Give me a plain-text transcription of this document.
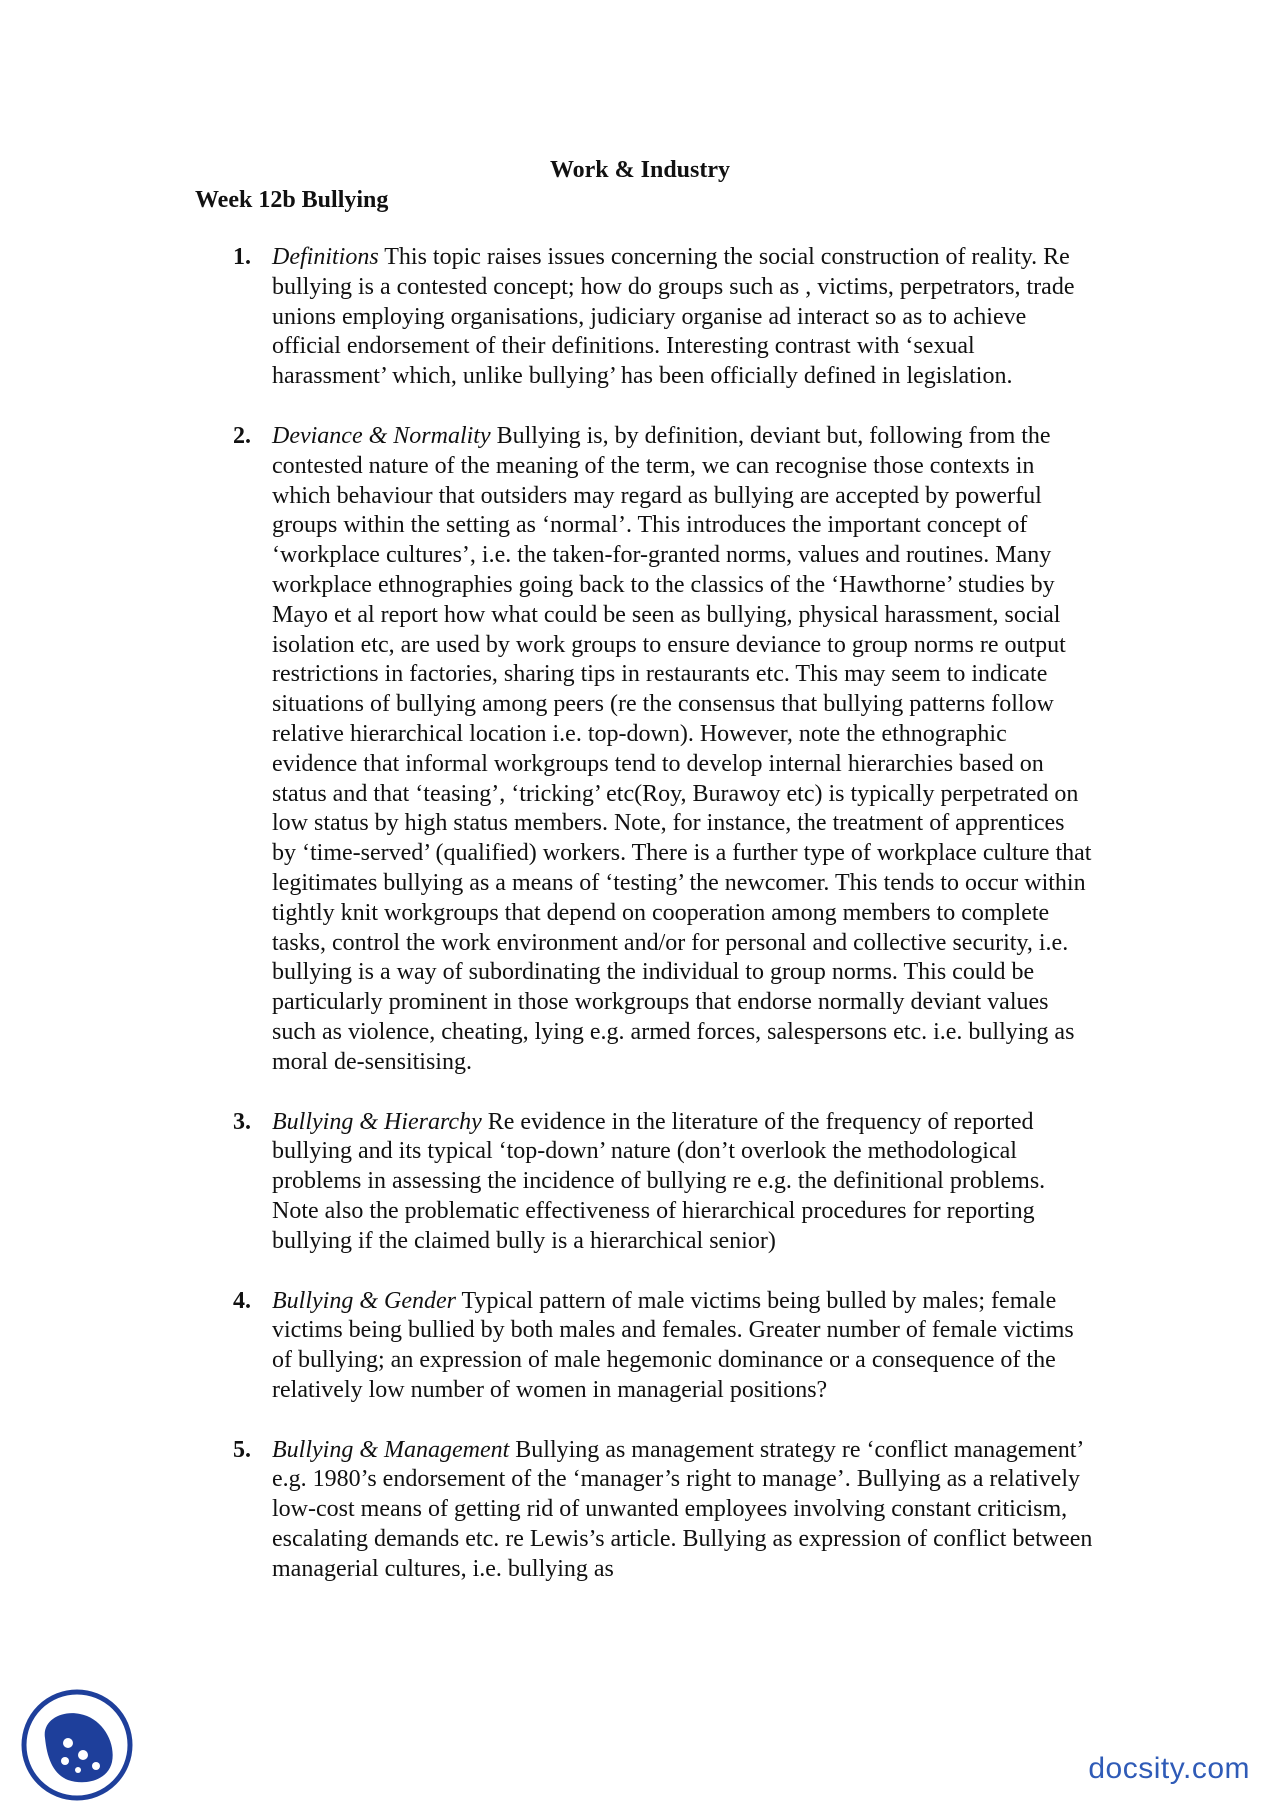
Work & Industry
Week 12b Bullying
1. Definitions This topic raises issues concerning the social construction of reality. Re bullying is a contested concept; how do groups such as , victims, perpetrators, trade unions employing organisations, judiciary organise ad interact so as to achieve official endorsement of their definitions. Interesting contrast with ‘sexual harassment’ which, unlike bullying’ has been officially defined in legislation.
2. Deviance & Normality Bullying is, by definition, deviant but, following from the contested nature of the meaning of the term, we can recognise those contexts in which behaviour that outsiders may regard as bullying are accepted by powerful groups within the setting as ‘normal’. This introduces the important concept of ‘workplace cultures’, i.e. the taken-for-granted norms, values and routines. Many workplace ethnographies going back to the classics of the ‘Hawthorne’ studies by Mayo et al report how what could be seen as bullying, physical harassment, social isolation etc, are used by work groups to ensure deviance to group norms re output restrictions in factories, sharing tips in restaurants etc. This may seem to indicate situations of bullying among peers (re the consensus that bullying patterns follow relative hierarchical location i.e. top-down). However, note the ethnographic evidence that informal workgroups tend to develop internal hierarchies based on status and that ‘teasing’, ‘tricking’ etc(Roy, Burawoy etc) is typically perpetrated on low status by high status members. Note, for instance, the treatment of apprentices by ‘time-served’ (qualified) workers. There is a further type of workplace culture that legitimates bullying as a means of ‘testing’ the newcomer. This tends to occur within tightly knit workgroups that depend on cooperation among members to complete tasks, control the work environment and/or for personal and collective security, i.e. bullying is a way of subordinating the individual to group norms. This could be particularly prominent in those workgroups that endorse normally deviant values such as violence, cheating, lying e.g. armed forces, salespersons etc. i.e. bullying as moral de-sensitising.
3. Bullying & Hierarchy Re evidence in the literature of the frequency of reported bullying and its typical ‘top-down’ nature (don’t overlook the methodological problems in assessing the incidence of bullying re e.g. the definitional problems. Note also the problematic effectiveness of hierarchical procedures for reporting bullying if the claimed bully is a hierarchical senior)
4. Bullying & Gender Typical pattern of male victims being bulled by males; female victims being bullied by both males and females. Greater number of female victims of bullying; an expression of male hegemonic dominance or a consequence of the relatively low number of women in managerial positions?
5. Bullying & Management Bullying as management strategy re ‘conflict management’ e.g. 1980’s endorsement of the ‘manager’s right to manage’. Bullying as a relatively low-cost means of getting rid of unwanted employees involving constant criticism, escalating demands etc. re Lewis’s article. Bullying as expression of conflict between managerial cultures, i.e. bullying as
docsity.com
